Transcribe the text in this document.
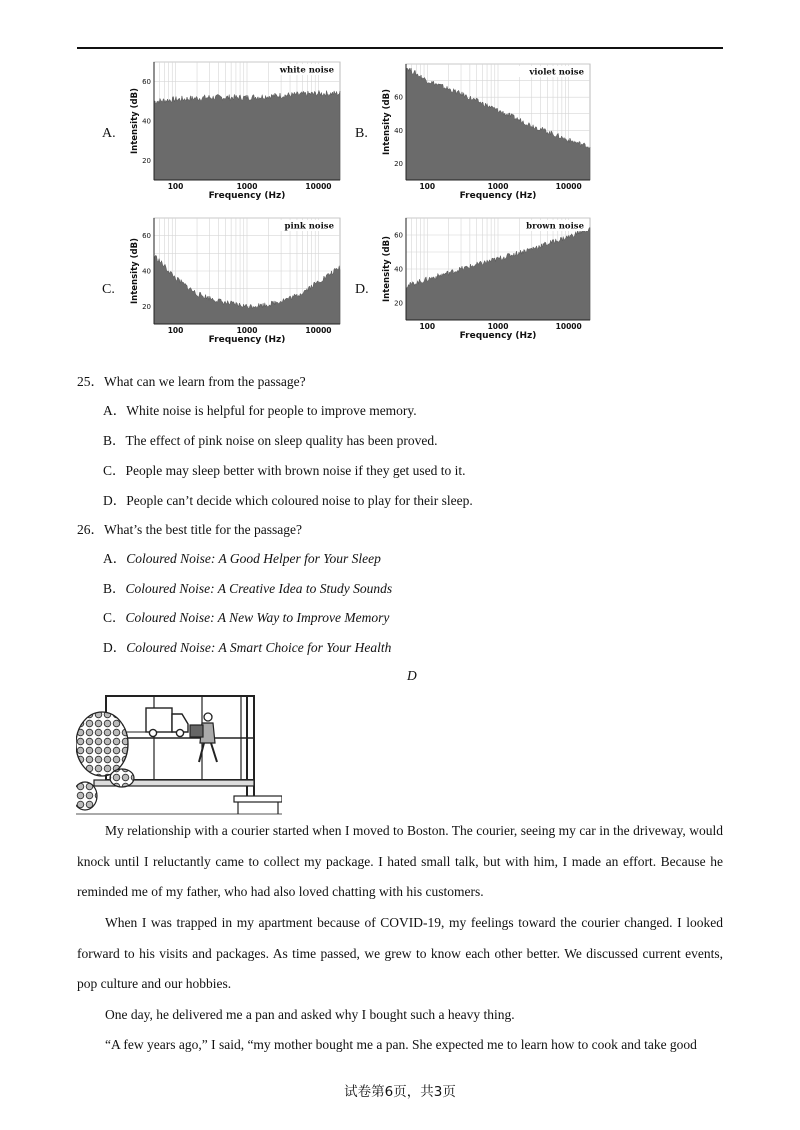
A.	B.
C.	D.
60
40
20
100	1000	10000
Frequency (Hz)
Intensity (dB)
white noise
60
40
20
100	1000	10000
Frequency (Hz)
Intensity (dB)
violet noise
60
40
20
100	1000	10000
Frequency (Hz)
Intensity (dB)
pink noise
60
40
20
100	1000	10000
Frequency (Hz)
Intensity (dB)
brown noise
25．What can we learn from the passage?
A．White noise is helpful for people to improve memory.
B．The effect of pink noise on sleep quality has been proved.
C．People may sleep better with brown noise if they get used to it.
D．People can’t decide which coloured noise to play for their sleep.
26．What’s the best title for the passage?
A．Coloured Noise: A Good Helper for Your Sleep
B．Coloured Noise: A Creative Idea to Study Sounds
C．Coloured Noise: A New Way to Improve Memory
D．Coloured Noise: A Smart Choice for Your Health
D
My relationship with a courier started when I moved to Boston. The courier, seeing my car in the driveway, would knock until I reluctantly came to collect my package. I hated small talk, but with him, I made an effort. Because he reminded me of my father, who had also loved chatting with his customers.
When I was trapped in my apartment because of COVID-19, my feelings toward the courier changed. I looked forward to his visits and packages. As time passed, we grew to know each other better. We discussed current events, pop culture and our hobbies.
One day, he delivered me a pan and asked why I bought such a heavy thing.
“A few years ago,” I said, “my mother bought me a pan. She expected me to learn how to cook and take good
试卷第6页，共3页
